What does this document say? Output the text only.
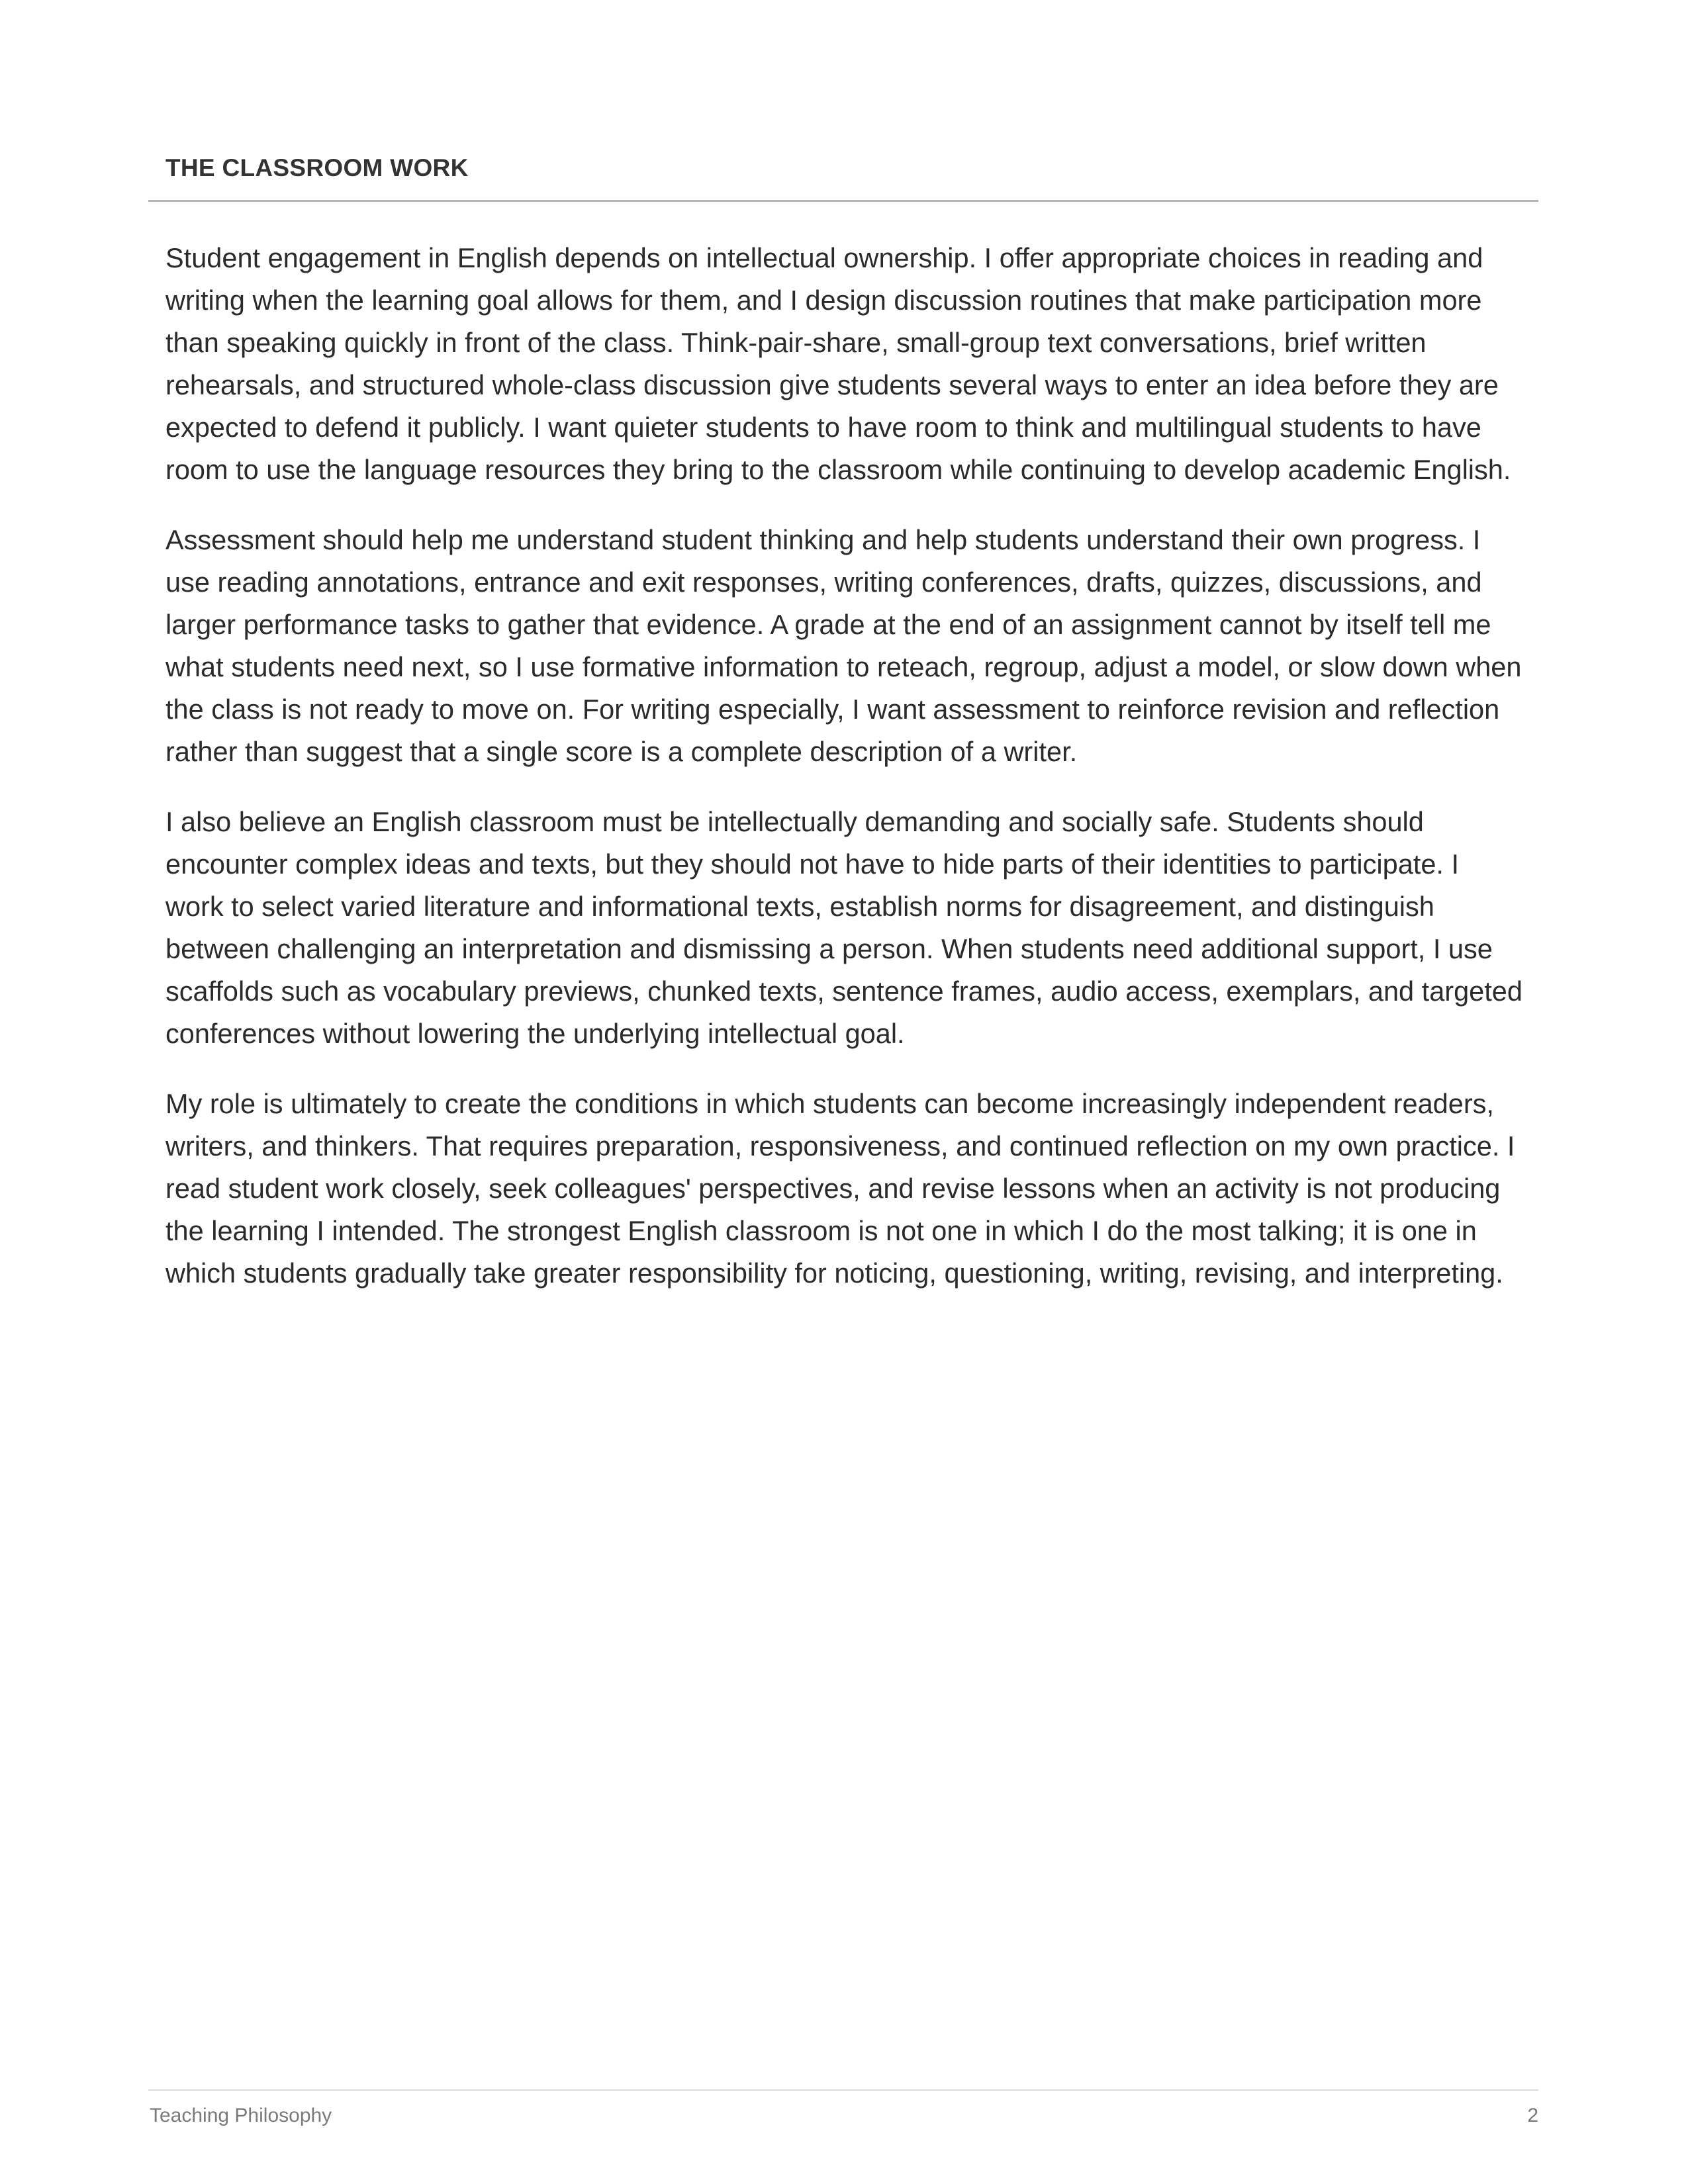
THE CLASSROOM WORK

Student engagement in English depends on intellectual ownership. I offer appropriate choices in reading and writing when the learning goal allows for them, and I design discussion routines that make participation more than speaking quickly in front of the class. Think-pair-share, small-group text conversations, brief written rehearsals, and structured whole-class discussion give students several ways to enter an idea before they are expected to defend it publicly. I want quieter students to have room to think and multilingual students to have room to use the language resources they bring to the classroom while continuing to develop academic English.

Assessment should help me understand student thinking and help students understand their own progress. I use reading annotations, entrance and exit responses, writing conferences, drafts, quizzes, discussions, and larger performance tasks to gather that evidence. A grade at the end of an assignment cannot by itself tell me what students need next, so I use formative information to reteach, regroup, adjust a model, or slow down when the class is not ready to move on. For writing especially, I want assessment to reinforce revision and reflection rather than suggest that a single score is a complete description of a writer.

I also believe an English classroom must be intellectually demanding and socially safe. Students should encounter complex ideas and texts, but they should not have to hide parts of their identities to participate. I work to select varied literature and informational texts, establish norms for disagreement, and distinguish between challenging an interpretation and dismissing a person. When students need additional support, I use scaffolds such as vocabulary previews, chunked texts, sentence frames, audio access, exemplars, and targeted conferences without lowering the underlying intellectual goal.

My role is ultimately to create the conditions in which students can become increasingly independent readers, writers, and thinkers. That requires preparation, responsiveness, and continued reflection on my own practice. I read student work closely, seek colleagues' perspectives, and revise lessons when an activity is not producing the learning I intended. The strongest English classroom is not one in which I do the most talking; it is one in which students gradually take greater responsibility for noticing, questioning, writing, revising, and interpreting.

Teaching Philosophy	2
